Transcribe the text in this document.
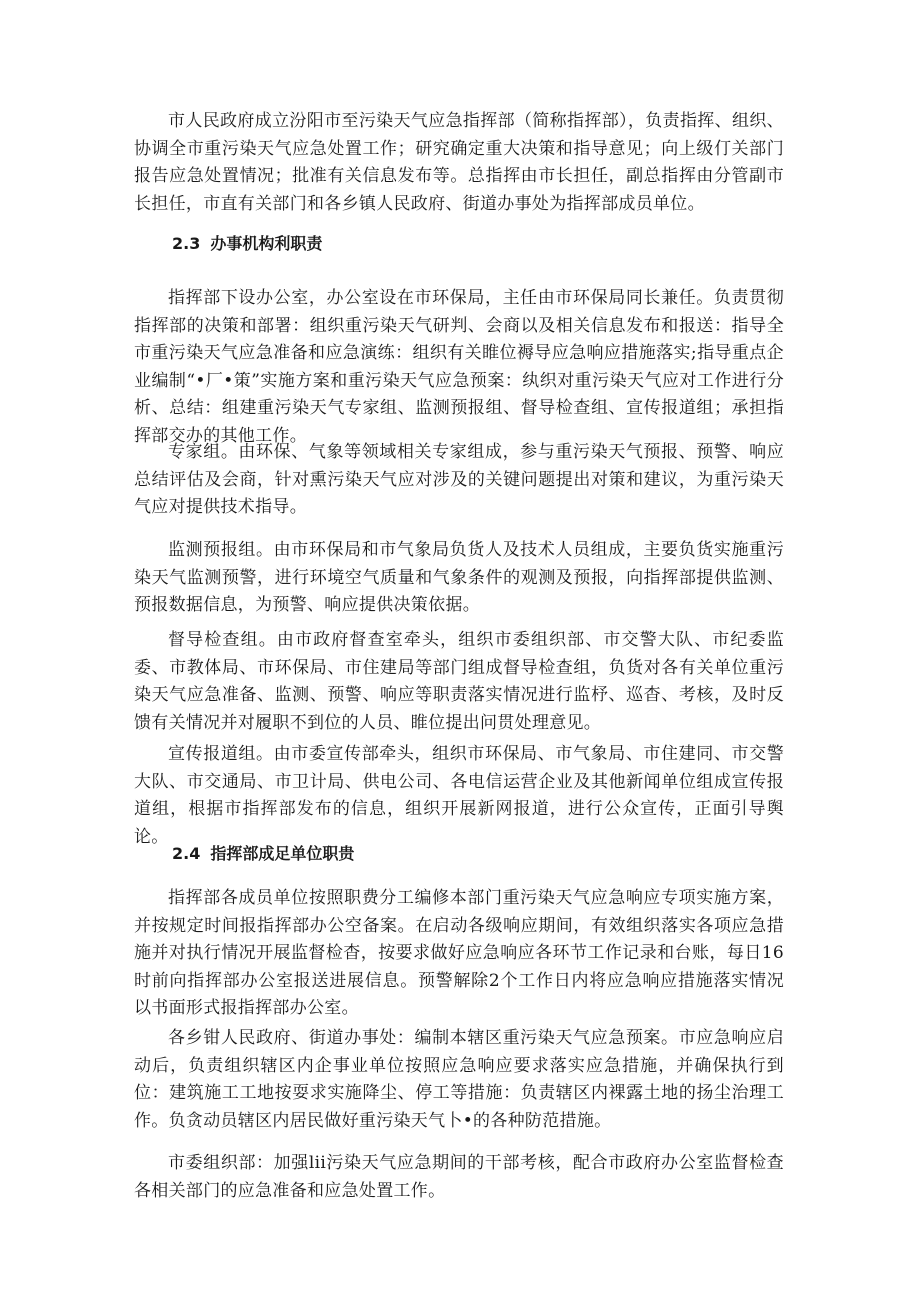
市人民政府成立汾阳市至污染天气应急指挥部（简称指挥部），负责指挥、组织、协调全市重污染天气应急处置工作；研究确定重大决策和指导意见；向上级仃关部门报告应急处置情况；批准有关信息发布等。总指挥由市长担任，副总指挥由分管副市长担任，市直有关部门和各乡镇人民政府、街道办事处为指挥部成员单位。

2.3 办事机构利职责

指挥部下设办公室，办公室设在市环保局，主任由市环保局同长兼任。负责贯彻指挥部的决策和部署：组织重污染天气研判、会商以及相关信息发布和报送：指导全市重污染天气应急准备和应急演练：组织有关睢位褥导应急响应措施落实;指导重点企业编制“•厂•策”实施方案和重污染天气应急预案：纨织对重污染天气应对工作进行分析、总结：组建重污染天气专家组、监测预报组、督导检查组、宣传报道组；承担指挥部交办的其他工作。

专家组。由环保、气象等领域相关专家组成，参与重污染天气预报、预警、响应总结评估及会商，针对熏污染天气应对涉及的关键问题提出对策和建议，为重污染天气应对提供技术指导。

监测预报组。由市环保局和市气象局负货人及技术人员组成，主要负货实施重污染天气监测预警，进行环境空气质量和气象条件的观测及预报，向指挥部提供监测、预报数据信息，为预警、响应提供决策依据。

督导检查组。由市政府督查室牵头，组织市委组织部、市交警大队、市纪委监委、市教体局、市环保局、市住建局等部门组成督导检查组，负货对各有关单位重污染天气应急准备、监测、预警、响应等职责落实情况进行监杼、巡杳、考核，及时反馈有关情况并对履职不到位的人员、睢位提出问贯处理意见。

宣传报道组。由市委宣传部牵头，组织市环保局、市气象局、市住建同、市交警大队、市交通局、市卫计局、供电公司、各电信运营企业及其他新闻单位组成宣传报道组，根据市指挥部发布的信息，组织开展新网报道，进行公众宣传，正面引导舆论。

2.4 指挥部成足单位职贵

指挥部各成员单位按照职费分工编修本部门重污染天气应急响应专项实施方案，并按规定时间报指挥部办公空备案。在启动各级响应期间，有效组织落实各项应急措施并对执行情况开展监督检杳，按要求做好应急响应各环节工作记录和台账，每日16时前向指挥部办公室报送进展信息。预警解除2个工作日内将应急响应措施落实情况以书面形式报指挥部办公室。

各乡钳人民政府、街道办事处：编制本辖区重污染天气应急预案。市应急响应启动后，负责组织辖区内企事业单位按照应急响应要求落实应急措施，并确保执行到位：建筑施工工地按耍求实施降尘、停工等措施：负责辖区内裸露土地的扬尘治理工作。负贪动员辖区内居民做好重污染天气卜•的各种防范措施。

市委组织部：加强lii污染天气应急期间的干部考核，配合市政府办公室监督检查各相关部门的应急准备和应急处置工作。
